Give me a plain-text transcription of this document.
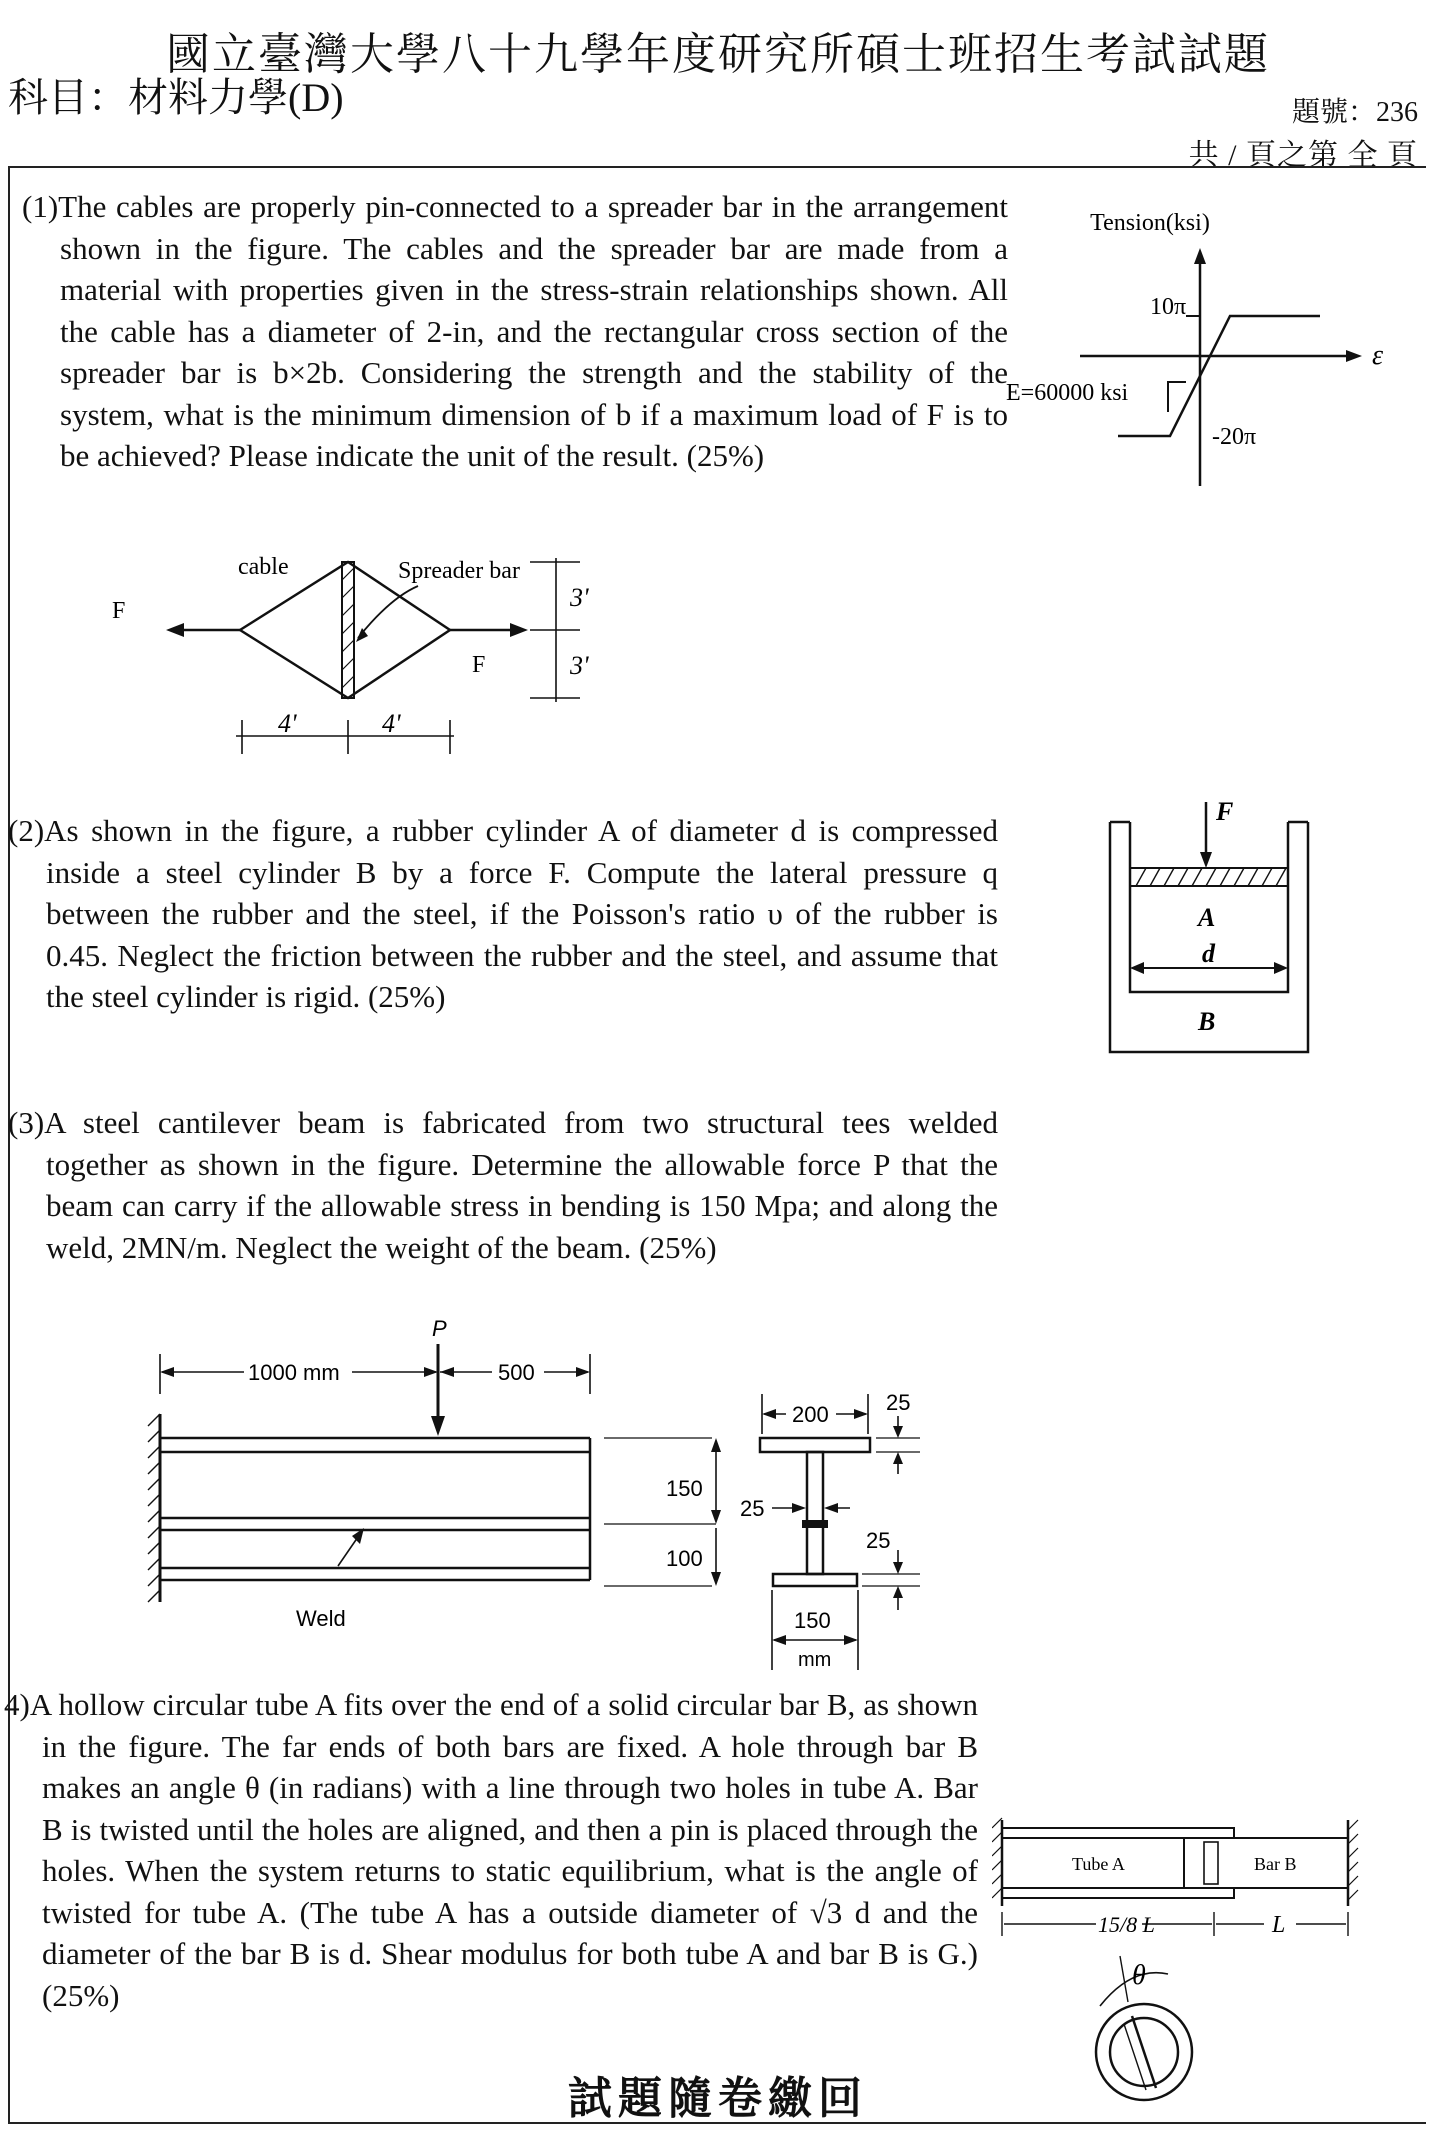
國立臺灣大學八十九學年度研究所碩士班招生考試試題
科目：材料力學(D)	題號：236
共 / 頁之第 全 頁
(1)The cables are properly pin-connected to a spreader bar in the arrangement shown in the figure. The cables and the spreader bar are made from a material with properties given in the stress-strain relationships shown. All the cable has a diameter of 2-in, and the rectangular cross section of the spreader bar is b×2b. Considering the strength and the stability of the system, what is the minimum dimension of b if a maximum load of F is to be achieved? Please indicate the unit of the result. (25%)
Tension(ksi)
ε
10π
-20π
E=60000 ksi
cable	Spreader bar
F
F
3'
3'
4'	4'
(2)As shown in the figure, a rubber cylinder A of diameter d is compressed inside a steel cylinder B by a force F. Compute the lateral pressure q between the rubber and the steel, if the Poisson's ratio υ of the rubber is 0.45. Neglect the friction between the rubber and the steel, and assume that the steel cylinder is rigid. (25%)
F
A
d
B
(3)A steel cantilever beam is fabricated from two structural tees welded together as shown in the figure. Determine the allowable force P that the beam can carry if the allowable stress in bending is 150 Mpa; and along the weld, 2MN/m. Neglect the weight of the beam. (25%)
1000 mm	500
P
Weld
200	25
25
150
100
25
150
mm
4)A hollow circular tube A fits over the end of a solid circular bar B, as shown in the figure. The far ends of both bars are fixed. A hole through bar B makes an angle θ (in radians) with a line through two holes in tube A. Bar B is twisted until the holes are aligned, and then a pin is placed through the holes. When the system returns to static equilibrium, what is the angle of twisted for tube A. (The tube A has a outside diameter of √3 d and the diameter of the bar B is d. Shear modulus for both tube A and bar B is G.) (25%)
Tube A	Bar B
15/8 L	L
θ
試題隨卷繳回
